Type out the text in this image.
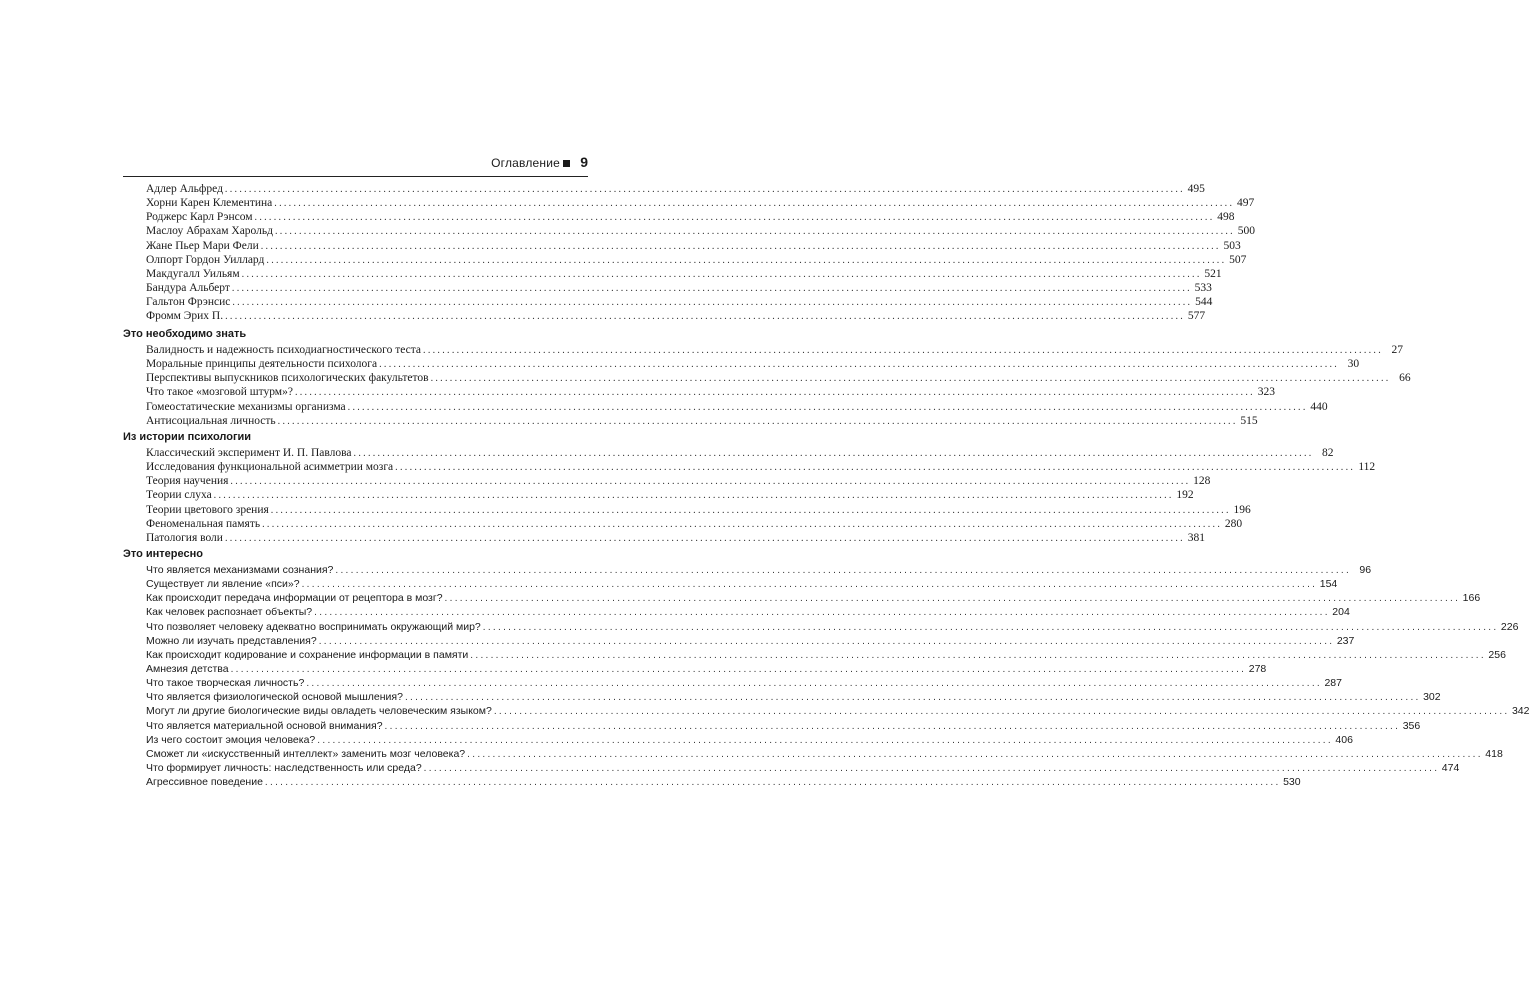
Оглавление 9
Адлер Альфред ........................................................................................................................................................................................................ 495
Хорни Карен Клементина ........................................................................................................................................................................................................ 497
Роджерс Карл Рэнсом ........................................................................................................................................................................................................ 498
Маслоу Абрахам Харольд ........................................................................................................................................................................................................ 500
Жане Пьер Мари Фели ........................................................................................................................................................................................................ 503
Олпорт Гордон Уиллард ........................................................................................................................................................................................................ 507
Макдугалл Уильям ........................................................................................................................................................................................................ 521
Бандура Альберт ........................................................................................................................................................................................................ 533
Гальтон Фрэнсис ........................................................................................................................................................................................................ 544
Фромм Эрих П. ........................................................................................................................................................................................................ 577
Это необходимо знать
Валидность и надежность психодиагностического теста ........................................................................................................................................................................................................ 27
Моральные принципы деятельности психолога ........................................................................................................................................................................................................ 30
Перспективы выпускников психологических факультетов ........................................................................................................................................................................................................ 66
Что такое «мозговой штурм»? ........................................................................................................................................................................................................ 323
Гомеостатические механизмы организма ........................................................................................................................................................................................................ 440
Антисоциальная личность ........................................................................................................................................................................................................ 515
Из истории психологии
Классический эксперимент И. П. Павлова ........................................................................................................................................................................................................ 82
Исследования функциональной асимметрии мозга ........................................................................................................................................................................................................ 112
Теория научения ........................................................................................................................................................................................................ 128
Теории слуха ........................................................................................................................................................................................................ 192
Теории цветового зрения ........................................................................................................................................................................................................ 196
Феноменальная память ........................................................................................................................................................................................................ 280
Патология воли ........................................................................................................................................................................................................ 381
Это интересно
Что является механизмами сознания? ........................................................................................................................................................................................................ 96
Существует ли явление «пси»? ........................................................................................................................................................................................................ 154
Как происходит передача информации от рецептора в мозг? ........................................................................................................................................................................................................ 166
Как человек распознает объекты? ........................................................................................................................................................................................................ 204
Что позволяет человеку адекватно воспринимать окружающий мир? ........................................................................................................................................................................................................ 226
Можно ли изучать представления? ........................................................................................................................................................................................................ 237
Как происходит кодирование и сохранение информации в памяти ........................................................................................................................................................................................................ 256
Амнезия детства ........................................................................................................................................................................................................ 278
Что такое творческая личность? ........................................................................................................................................................................................................ 287
Что является физиологической основой мышления? ........................................................................................................................................................................................................ 302
Могут ли другие биологические виды овладеть человеческим языком? ........................................................................................................................................................................................................ 342
Что является материальной основой внимания? ........................................................................................................................................................................................................ 356
Из чего состоит эмоция человека? ........................................................................................................................................................................................................ 406
Сможет ли «искусственный интеллект» заменить мозг человека? ........................................................................................................................................................................................................ 418
Что формирует личность: наследственность или среда? ........................................................................................................................................................................................................ 474
Агрессивное поведение ........................................................................................................................................................................................................ 530
